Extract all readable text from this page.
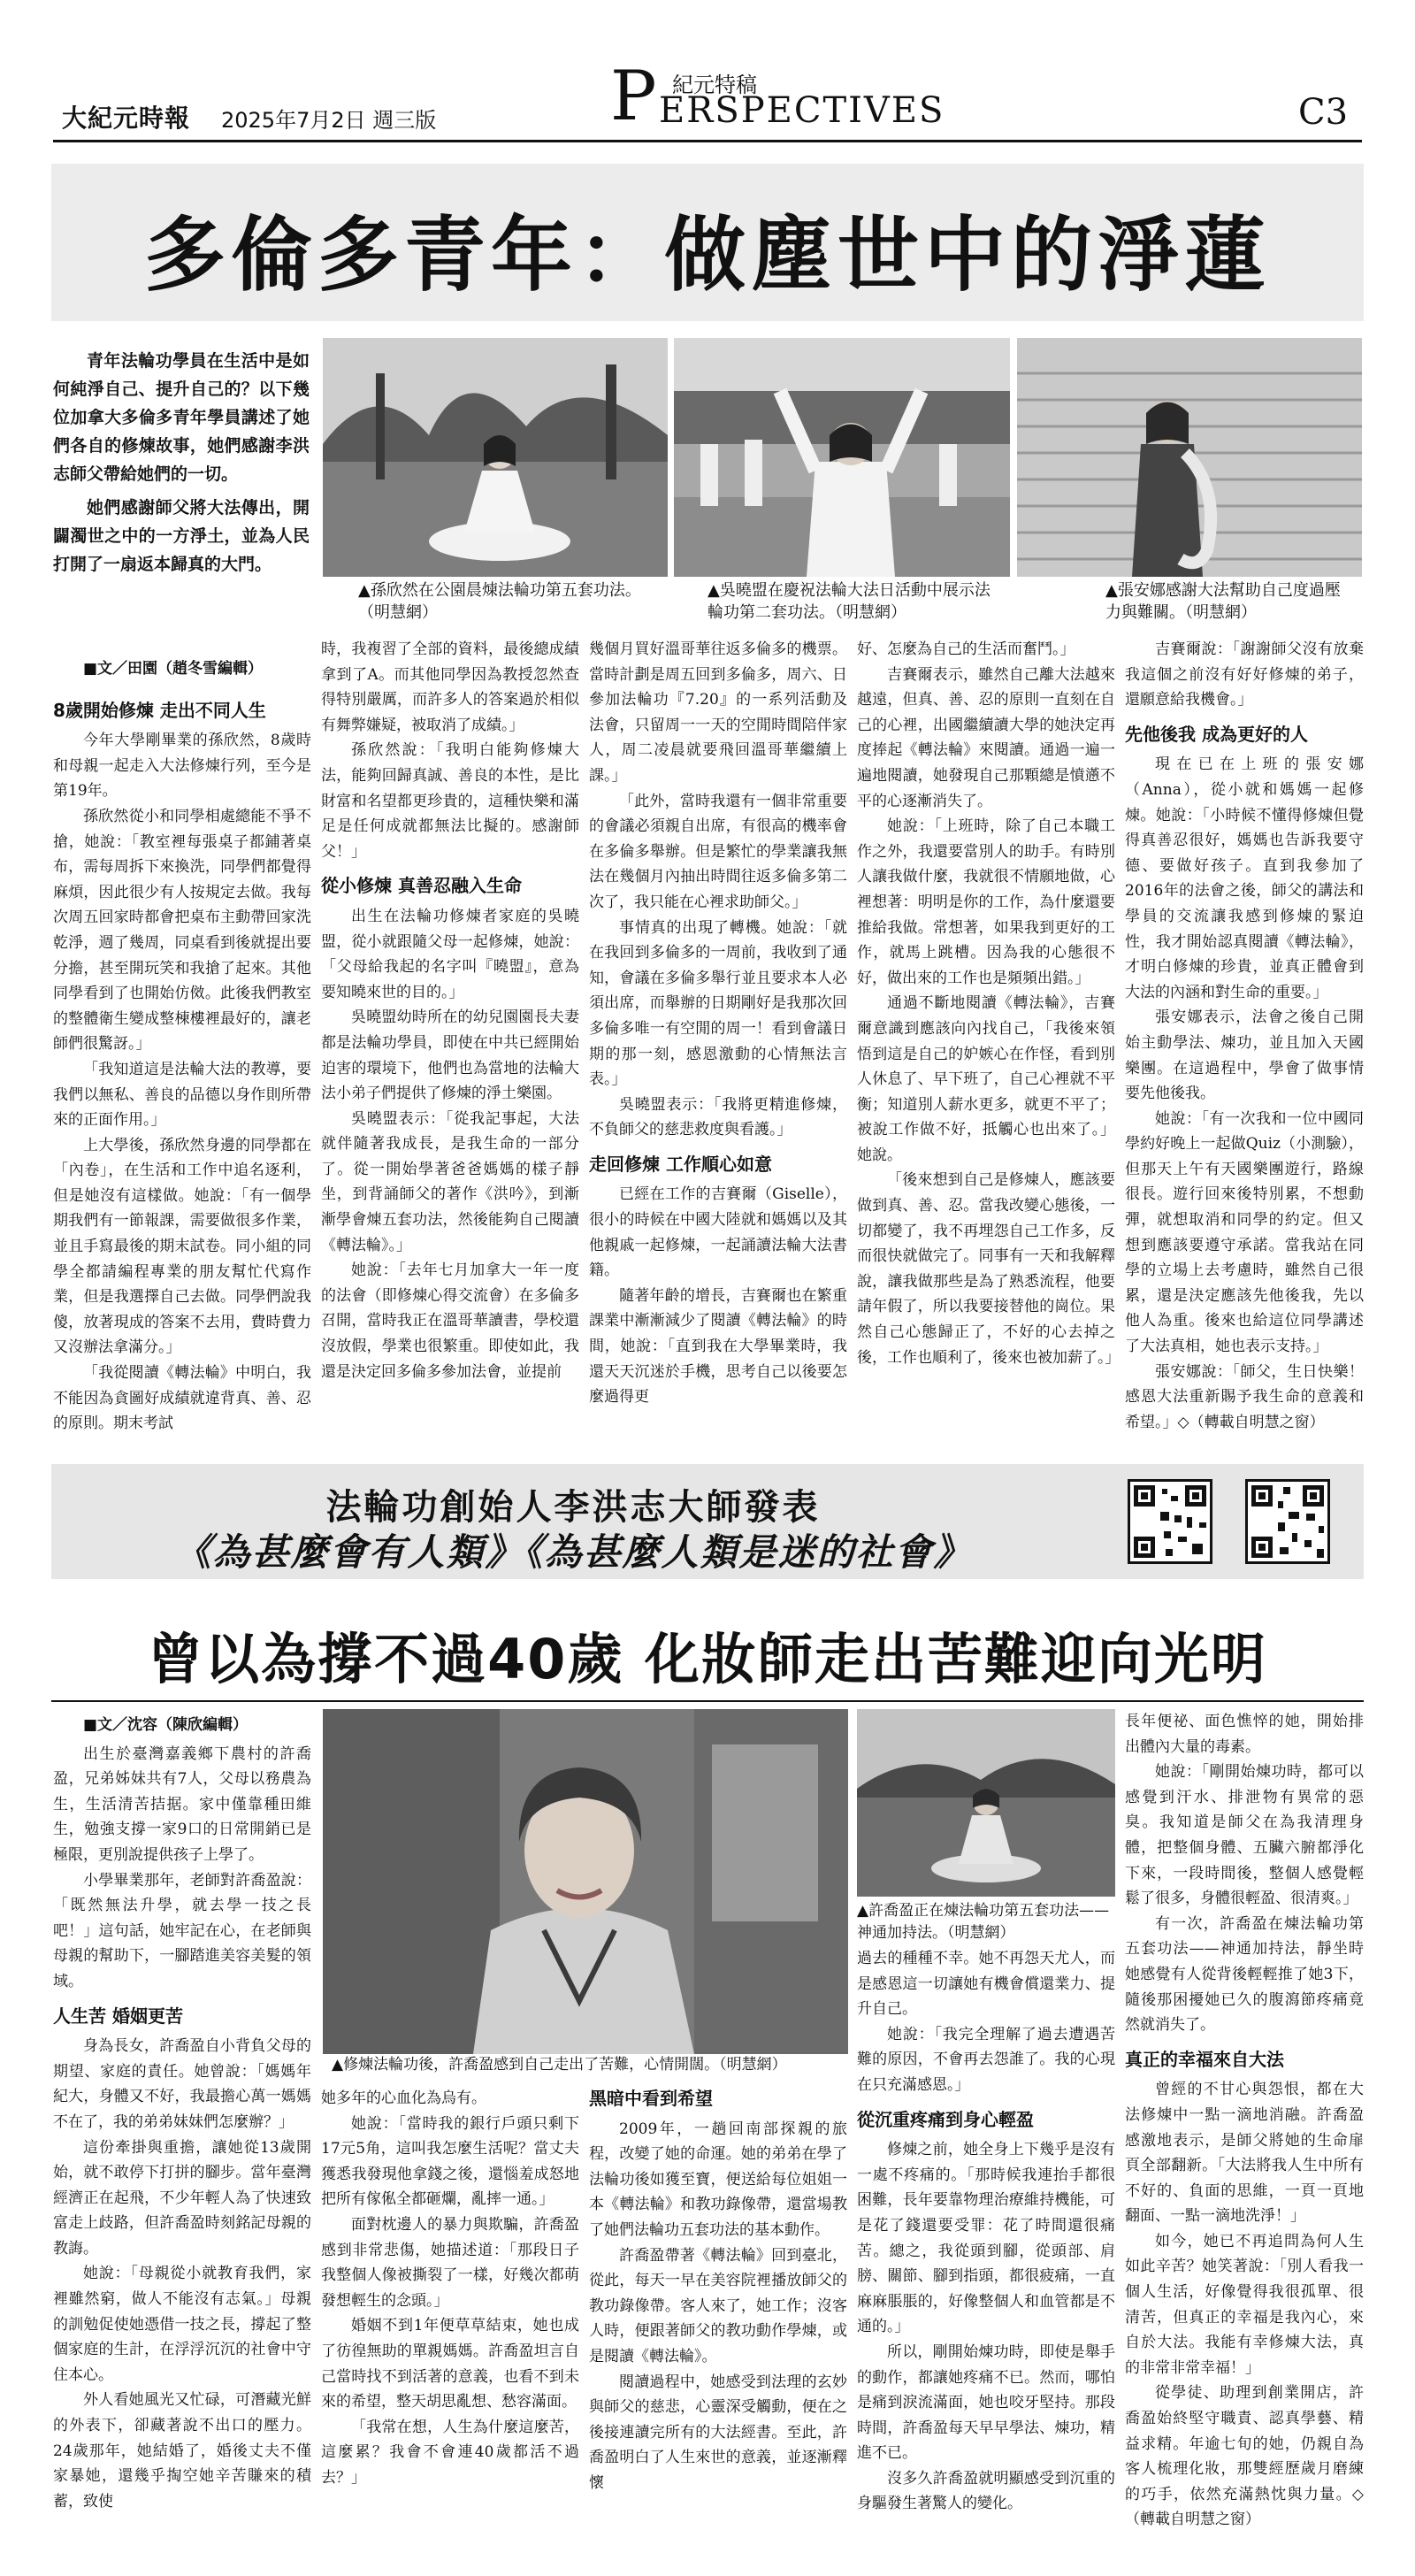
大紀元時報 2025年7月2日 週三版	P 紀元特稿
ERSPECTIVES	C3
多倫多青年：做塵世中的淨蓮

青年法輪功學員在生活中是如何純淨自己、提升自己的？以下幾位加拿大多倫多青年學員講述了她們各自的修煉故事，她們感謝李洪志師父帶給她們的一切。

她們感謝師父將大法傳出，開闢濁世之中的一方淨土，並為人民打開了一扇返本歸真的大門。

▲孫欣然在公園晨煉法輪功第五套功法。（明慧網）
▲吳曉盟在慶祝法輪大法日活動中展示法輪功第二套功法。（明慧網）
▲張安娜感謝大法幫助自己度過壓力與難關。（明慧網）

■文／田園（趙冬雪編輯）

8歲開始修煉 走出不同人生

今年大學剛畢業的孫欣然，8歲時和母親一起走入大法修煉行列，至今是第19年。

孫欣然從小和同學相處總能不爭不搶，她說：「教室裡每張桌子都鋪著桌布，需每周拆下來換洗，同學們都覺得麻煩，因此很少有人按規定去做。我每次周五回家時都會把桌布主動帶回家洗乾淨，週了幾周，同桌看到後就提出要分擔，甚至開玩笑和我搶了起來。其他同學看到了也開始仿傚。此後我們教室的整體衛生變成整棟樓裡最好的，讓老師們很驚訝。」

「我知道這是法輪大法的教導，要我們以無私、善良的品德以身作則所帶來的正面作用。」

上大學後，孫欣然身邊的同學都在「內卷」，在生活和工作中追名逐利，但是她沒有這樣做。她說：「有一個學期我們有一節報課，需要做很多作業，並且手寫最後的期末試卷。同小組的同學全都請編程專業的朋友幫忙代寫作業，但是我選擇自己去做。同學們說我傻，放著現成的答案不去用，費時費力又沒辦法拿滿分。」

「我從閱讀《轉法輪》中明白，我不能因為貪圖好成績就違背真、善、忍的原則。期末考試

時，我複習了全部的資料，最後總成績拿到了A。而其他同學因為教授忽然查得特別嚴厲，而許多人的答案過於相似有舞弊嫌疑，被取消了成績。」

孫欣然說：「我明白能夠修煉大法，能夠回歸真誠、善良的本性，是比財富和名望都更珍貴的，這種快樂和滿足是任何成就都無法比擬的。感謝師父！」

從小修煉 真善忍融入生命

出生在法輪功修煉者家庭的吳曉盟，從小就跟隨父母一起修煉，她說：「父母給我起的名字叫『曉盟』，意為要知曉來世的目的。」

吳曉盟幼時所在的幼兒園園長夫妻都是法輪功學員，即使在中共已經開始迫害的環境下，他們也為當地的法輪大法小弟子們提供了修煉的淨土樂園。

吳曉盟表示：「從我記事起，大法就伴隨著我成長，是我生命的一部分了。從一開始學著爸爸媽媽的樣子靜坐，到背誦師父的著作《洪吟》，到漸漸學會煉五套功法，然後能夠自己閱讀《轉法輪》。」

她說：「去年七月加拿大一年一度的法會（即修煉心得交流會）在多倫多召開，當時我正在溫哥華讀書，學校還沒放假，學業也很繁重。即使如此，我還是決定回多倫多參加法會，並提前

幾個月買好溫哥華往返多倫多的機票。當時計劃是周五回到多倫多，周六、日參加法輪功『7.20』的一系列活動及法會，只留周一一天的空閒時間陪伴家人，周二凌晨就要飛回溫哥華繼續上課。」

「此外，當時我還有一個非常重要的會議必須親自出席，有很高的機率會在多倫多舉辦。但是繁忙的學業讓我無法在幾個月內抽出時間往返多倫多第二次了，我只能在心裡求助師父。」

事情真的出現了轉機。她說：「就在我回到多倫多的一周前，我收到了通知，會議在多倫多舉行並且要求本人必須出席，而舉辦的日期剛好是我那次回多倫多唯一有空閒的周一！看到會議日期的那一刻，感恩激動的心情無法言表。」

吳曉盟表示：「我將更精進修煉，不負師父的慈悲救度與看護。」

走回修煉 工作順心如意

已經在工作的吉賽爾（Giselle），很小的時候在中國大陸就和媽媽以及其他親戚一起修煉，一起誦讀法輪大法書籍。

隨著年齡的增長，吉賽爾也在繁重課業中漸漸減少了閱讀《轉法輪》的時間，她說：「直到我在大學畢業時，我還天天沉迷於手機，思考自己以後要怎麼過得更

好、怎麼為自己的生活而奮鬥。」

吉賽爾表示，雖然自己離大法越來越遠，但真、善、忍的原則一直刻在自己的心裡，出國繼續讀大學的她決定再度捧起《轉法輪》來閱讀。通過一遍一遍地閱讀，她發現自己那顆總是憤懣不平的心逐漸消失了。

她說：「上班時，除了自己本職工作之外，我還要當別人的助手。有時別人讓我做什麼，我就很不情願地做，心裡想著：明明是你的工作，為什麼還要推給我做。常想著，如果我到更好的工作，就馬上跳槽。因為我的心態很不好，做出來的工作也是頻頻出錯。」

通過不斷地閱讀《轉法輪》，吉賽爾意識到應該向內找自己，「我後來領悟到這是自己的妒嫉心在作怪，看到別人休息了、早下班了，自己心裡就不平衡；知道別人薪水更多，就更不平了；被說工作做不好，抵觸心也出來了。」她說。

「後來想到自己是修煉人，應該要做到真、善、忍。當我改變心態後，一切都變了，我不再埋怨自己工作多，反而很快就做完了。同事有一天和我解釋說，讓我做那些是為了熟悉流程，他要請年假了，所以我要接替他的崗位。果然自己心態歸正了，不好的心去掉之後，工作也順利了，後來也被加薪了。」

吉賽爾說：「謝謝師父沒有放棄我這個之前沒有好好修煉的弟子，還願意給我機會。」

先他後我 成為更好的人

現在已在上班的張安娜（Anna），從小就和媽媽一起修煉。她說：「小時候不懂得修煉但覺得真善忍很好，媽媽也告訴我要守德、要做好孩子。直到我參加了2016年的法會之後，師父的講法和學員的交流讓我感到修煉的緊迫性，我才開始認真閱讀《轉法輪》，才明白修煉的珍貴，並真正體會到大法的內涵和對生命的重要。」

張安娜表示，法會之後自己開始主動學法、煉功，並且加入天國樂團。在這過程中，學會了做事情要先他後我。

她說：「有一次我和一位中國同學約好晚上一起做Quiz（小測驗），但那天上午有天國樂團遊行，路線很長。遊行回來後特別累，不想動彈，就想取消和同學的約定。但又想到應該要遵守承諾。當我站在同學的立場上去考慮時，雖然自己很累，還是決定應該先他後我，先以他人為重。後來也給這位同學講述了大法真相，她也表示支持。」

張安娜說：「師父，生日快樂！感恩大法重新賜予我生命的意義和希望。」◇（轉載自明慧之窗）

法輪功創始人李洪志大師發表
《為甚麼會有人類》《為甚麼人類是迷的社會》
曾以為撐不過40歲 化妝師走出苦難迎向光明

■文／沈容（陳欣編輯）

出生於臺灣嘉義鄉下農村的許喬盈，兄弟姊妹共有7人，父母以務農為生，生活清苦拮据。家中僅靠種田維生，勉強支撐一家9口的日常開銷已是極限，更別說提供孩子上學了。

小學畢業那年，老師對許喬盈說：「既然無法升學，就去學一技之長吧！」這句話，她牢記在心，在老師與母親的幫助下，一腳踏進美容美髮的領域。

人生苦 婚姻更苦

身為長女，許喬盈自小背負父母的期望、家庭的責任。她曾說：「媽媽年紀大，身體又不好，我最擔心萬一媽媽不在了，我的弟弟妹妹們怎麼辦？」

這份牽掛與重擔，讓她從13歲開始，就不敢停下打拼的腳步。當年臺灣經濟正在起飛，不少年輕人為了快速致富走上歧路，但許喬盈時刻銘記母親的教誨。

她說：「母親從小就教育我們，家裡雖然窮，做人不能沒有志氣。」母親的訓勉促使她憑借一技之長，撐起了整個家庭的生計，在浮浮沉沉的社會中守住本心。

外人看她風光又忙碌，可潛藏光鮮的外表下，卻藏著說不出口的壓力。24歲那年，她結婚了，婚後丈夫不僅家暴她，還幾乎掏空她辛苦賺來的積蓄，致使

▲修煉法輪功後，許喬盈感到自己走出了苦難，心情開闊。（明慧網）

她多年的心血化為烏有。

她說：「當時我的銀行戶頭只剩下17元5角，這叫我怎麼生活呢？當丈夫獲悉我發現他拿錢之後，還惱羞成怒地把所有傢俬全都砸爛，亂摔一通。」

面對枕邊人的暴力與欺騙，許喬盈感到非常悲傷，她描述道：「那段日子我整個人像被撕裂了一樣，好幾次都萌發想輕生的念頭。」

婚姻不到1年便草草結束，她也成了彷徨無助的單親媽媽。許喬盈坦言自己當時找不到活著的意義，也看不到未來的希望，整天胡思亂想、愁容滿面。

「我常在想，人生為什麼這麼苦，這麼累？我會不會連40歲都活不過去？」

黑暗中看到希望

2009年，一趟回南部探親的旅程，改變了她的命運。她的弟弟在學了法輪功後如獲至寶，便送給每位姐姐一本《轉法輪》和教功錄像帶，還當場教了她們法輪功五套功法的基本動作。

許喬盈帶著《轉法輪》回到臺北，從此，每天一早在美容院裡播放師父的教功錄像帶。客人來了，她工作；沒客人時，便跟著師父的教功動作學煉，或是閱讀《轉法輪》。

閱讀過程中，她感受到法理的玄妙與師父的慈悲，心靈深受觸動，便在之後接連讀完所有的大法經書。至此，許喬盈明白了人生來世的意義，並逐漸釋懷

▲許喬盈正在煉法輪功第五套功法——神通加持法。（明慧網）

過去的種種不幸。她不再怨天尤人，而是感恩這一切讓她有機會償還業力、提升自己。

她說：「我完全理解了過去遭遇苦難的原因，不會再去怨誰了。我的心現在只充滿感恩。」

從沉重疼痛到身心輕盈

修煉之前，她全身上下幾乎是沒有一處不疼痛的。「那時候我連抬手都很困難，長年要靠物理治療維持機能，可是花了錢還要受罪：花了時間還很痛苦。總之，我從頭到腳，從頭部、肩膀、關節、腳到指頭，都很疲痛，一直麻麻脹脹的，好像整個人和血管都是不通的。」

所以，剛開始煉功時，即使是舉手的動作，都讓她疼痛不已。然而，哪怕是痛到淚流滿面，她也咬牙堅持。那段時間，許喬盈每天早早學法、煉功，精進不已。

沒多久許喬盈就明顯感受到沉重的身驅發生著驚人的變化。

長年便祕、面色憔悴的她，開始排出體內大量的毒素。

她說：「剛開始煉功時，都可以感覺到汗水、排泄物有異常的惡臭。我知道是師父在為我清理身體，把整個身體、五臟六腑都淨化下來，一段時間後，整個人感覺輕鬆了很多，身體很輕盈、很清爽。」

有一次，許喬盈在煉法輪功第五套功法——神通加持法，靜坐時她感覺有人從背後輕輕推了她3下，隨後那困擾她已久的腹瀉節疼痛竟然就消失了。

真正的幸福來自大法

曾經的不甘心與怨恨，都在大法修煉中一點一滴地消融。許喬盈感激地表示，是師父將她的生命扉頁全部翻新。「大法將我人生中所有不好的、負面的思維，一頁一頁地翻面、一點一滴地洗淨！」

如今，她已不再追問為何人生如此辛苦？她笑著說：「別人看我一個人生活，好像覺得我很孤單、很清苦，但真正的幸福是我內心，來自於大法。我能有幸修煉大法，真的非常非常幸福！」

從學徒、助理到創業開店，許喬盈始終堅守職責、認真學藝、精益求精。年逾七旬的她，仍親自為客人梳理化妝，那雙經歷歲月磨練的巧手，依然充滿熱忱與力量。◇（轉載自明慧之窗）
